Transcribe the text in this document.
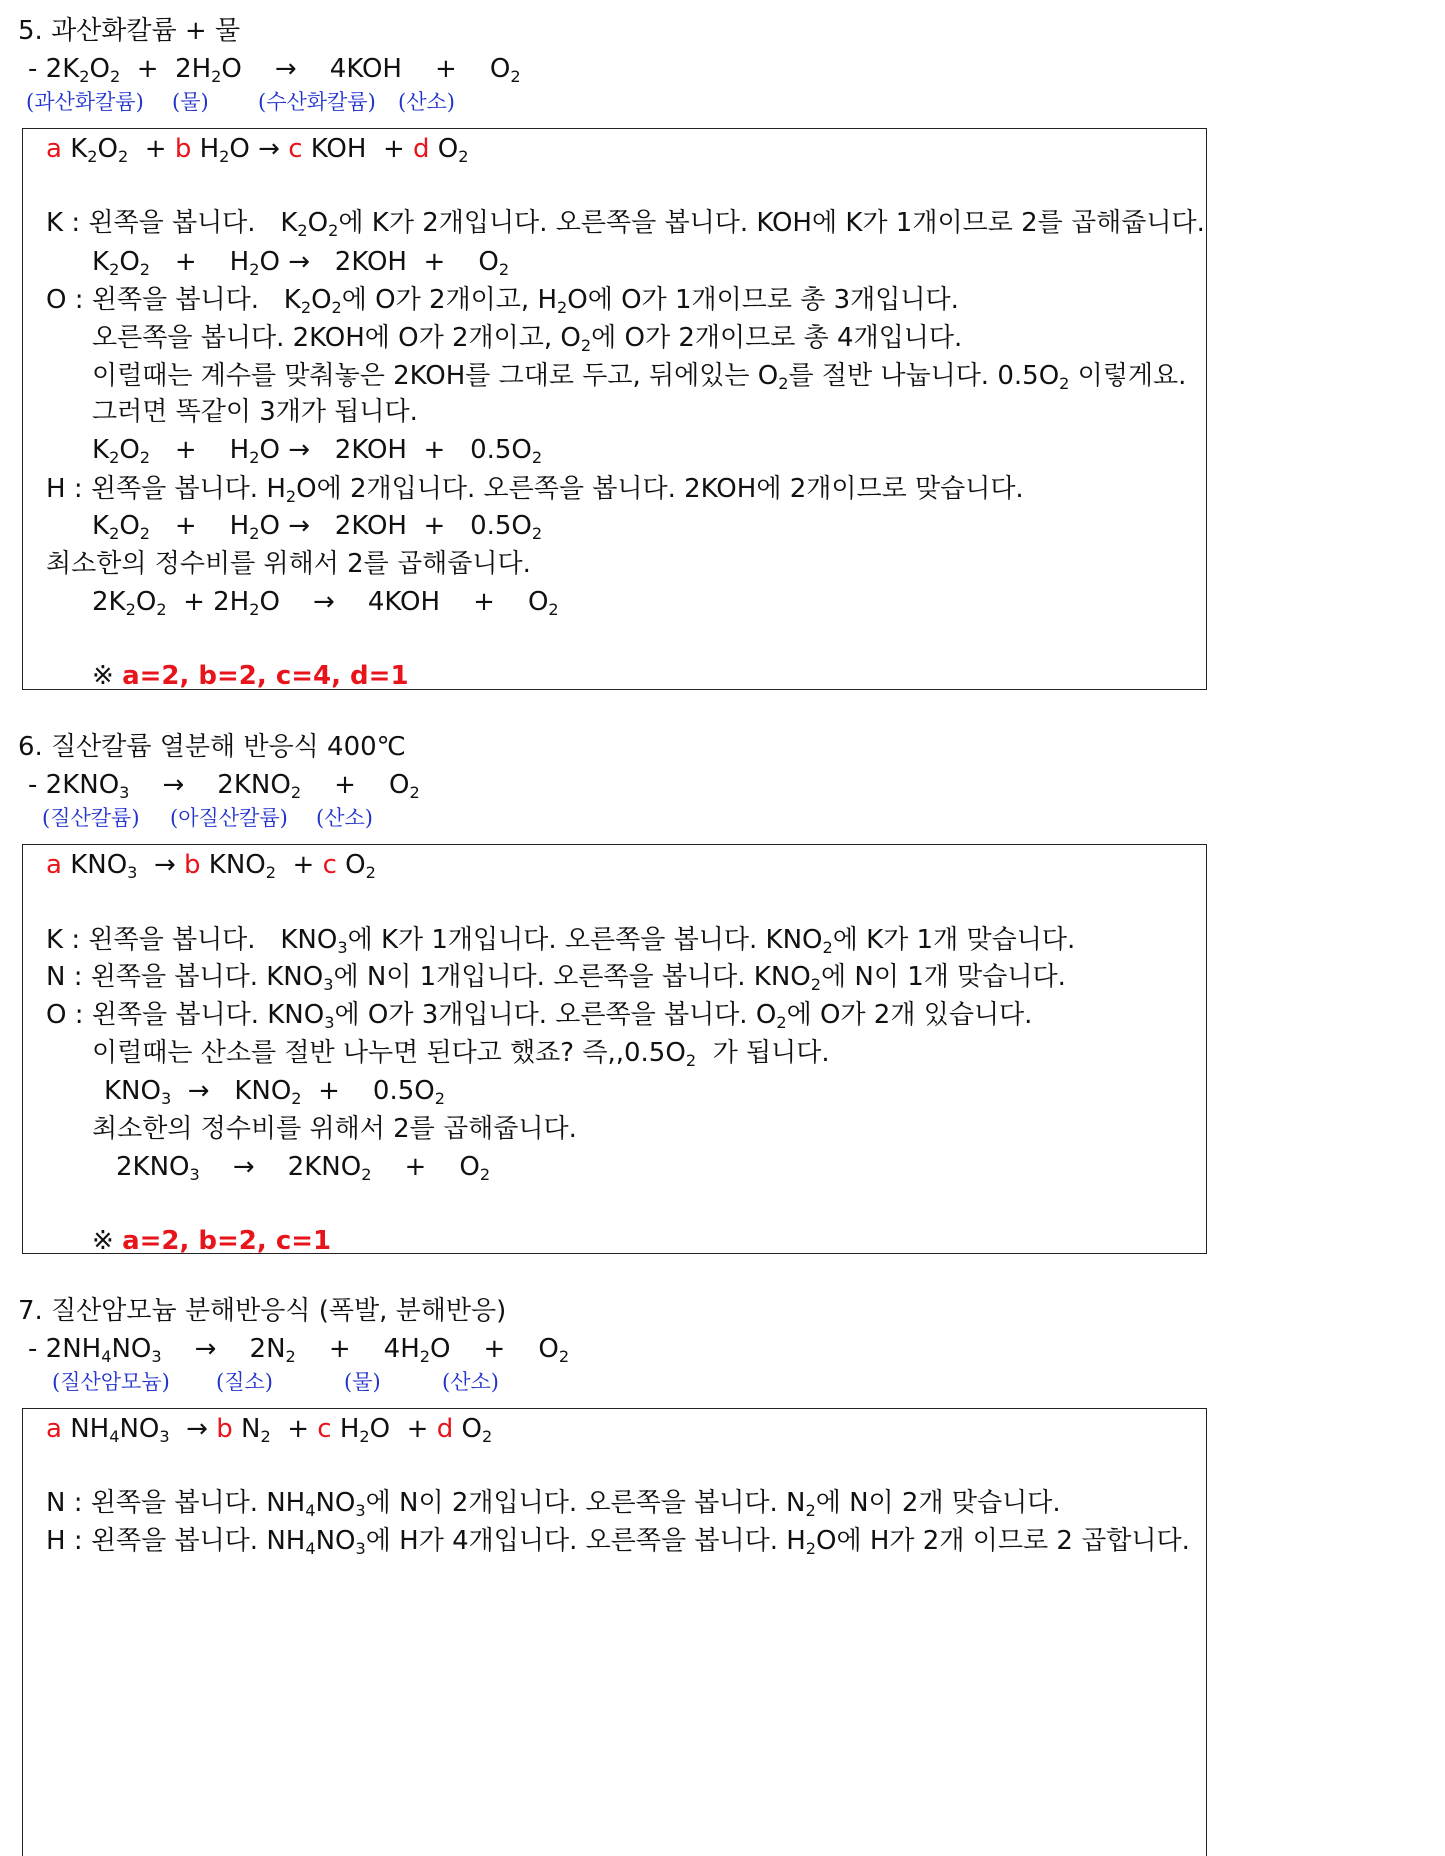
5. 과산화칼륨 + 물
- $2K_2O_2 + 2H_2O$    →    4KOH    +    $O_2$
(과산화칼륨) (물) (수산화칼륨) (산소)
a $K_2O_2 + b$ $H_2O \to c$ KOH  + d $O_2$
K : 왼쪽을 봅니다.   $K_2O_2$에 K가 2개입니다. 오른쪽을 봅니다. KOH에 K가 1개이므로 2를 곱해줍니다.
$K_2O_2$   +    $H_2O \to 2KOH$  +    $O_2$
O : 왼쪽을 봅니다.   $K_2O_2$에 O가 2개이고, $H_2O$에 O가 1개이므로 총 3개입니다.
오른쪽을 봅니다. 2KOH에 O가 2개이고, $O_2$에 O가 2개이므로 총 4개입니다.
이럴때는 계수를 맞춰놓은 2KOH를 그대로 두고, 뒤에있는 $O_2$를 절반 나눕니다. $0.5O_2$ 이렇게요.
그러면 똑같이 3개가 됩니다.
$K_2O_2$   +    $H_2O \to 2KOH + 0.5O_2$
H : 왼쪽을 봅니다. $H_2O$에 2개입니다. 오른쪽을 봅니다. 2KOH에 2개이므로 맞습니다.
$K_2O_2$   +    $H_2O \to 2KOH + 0.5O_2$
최소한의 정수비를 위해서 2를 곱해줍니다.
$2K_2O_2 + 2H_2O$    →    4KOH    +    $O_2$
※ a=2, b=2, c=4, d=1
6. 질산칼륨 열분해 반응식 400℃
- $2KNO_3$    →    $2KNO_2$    +    $O_2$
(질산칼륨) (아질산칼륨) (산소)
a $KNO_3 \to b$ $KNO_2 + c$ $O_2$
K : 왼쪽을 봅니다.   $KNO_3$에 K가 1개입니다. 오른쪽을 봅니다. $KNO_2$에 K가 1개 맞습니다.
N : 왼쪽을 봅니다. $KNO_3$에 N이 1개입니다. 오른쪽을 봅니다. $KNO_2$에 N이 1개 맞습니다.
O : 왼쪽을 봅니다. $KNO_3$에 O가 3개입니다. 오른쪽을 봅니다. $O_2$에 O가 2개 있습니다.
이럴때는 산소를 절반 나누면 된다고 했죠? 즉$,,0.5O_2$  가 됩니다.
$KNO_3 \to KNO_2$  +    $0.5O_2$
최소한의 정수비를 위해서 2를 곱해줍니다.
$2KNO_3$    →    $2KNO_2$    +    $O_2$
※ a=2, b=2, c=1
7. 질산암모늄 분해반응식 (폭발, 분해반응)
- $2NH_4NO_3$    →    $2N_2$    +    $4H_2O$    +    $O_2$
(질산암모늄) (질소)	(물)	(산소)
a $NH_4NO_3 \to b$ $N_2 + c$ $H_2O + d$ $O_2$
N : 왼쪽을 봅니다. $NH_4NO_3$에 N이 2개입니다. 오른쪽을 봅니다. $N_2$에 N이 2개 맞습니다.
H : 왼쪽을 봅니다. $NH_4NO_3$에 H가 4개입니다. 오른쪽을 봅니다. $H_2O$에 H가 2개 이므로 2 곱합니다.
